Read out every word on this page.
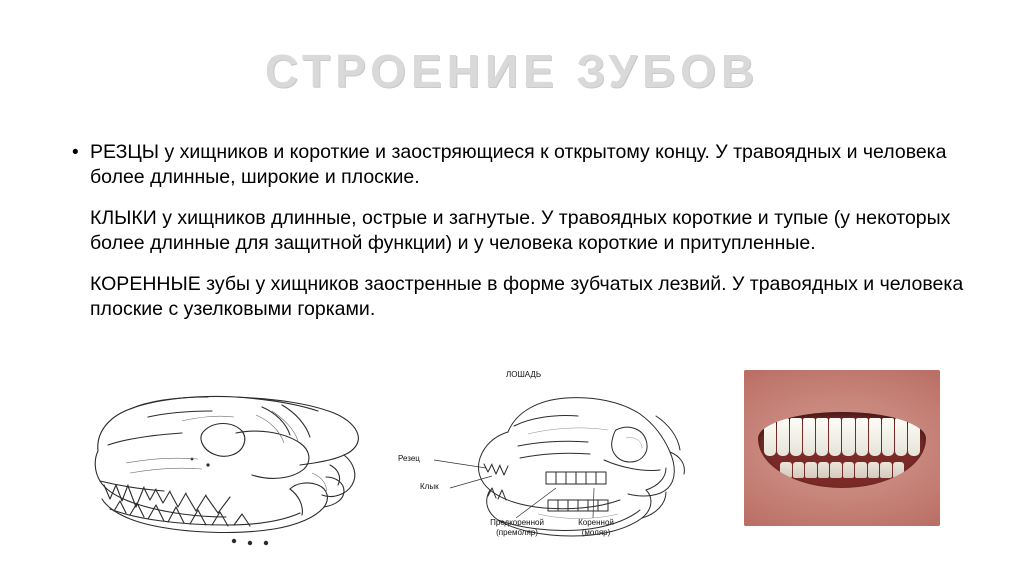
СТРОЕНИЕ ЗУБОВ
• РЕЗЦЫ у хищников и короткие и заостряющиеся к открытому концу. У травоядных и человека более длинные, широкие и плоские.
КЛЫКИ у хищников длинные, острые и загнутые. У травоядных короткие и тупые (у некоторых более длинные для защитной функции) и у человека короткие и притупленные.
КОРЕННЫЕ зубы у хищников заостренные в форме зубчатых лезвий. У травоядных и человека плоские с узелковыми горками.
ЛОШАДЬ
Резец
Клык
Предкоренной (премоляр)
Коренной (моляр)
